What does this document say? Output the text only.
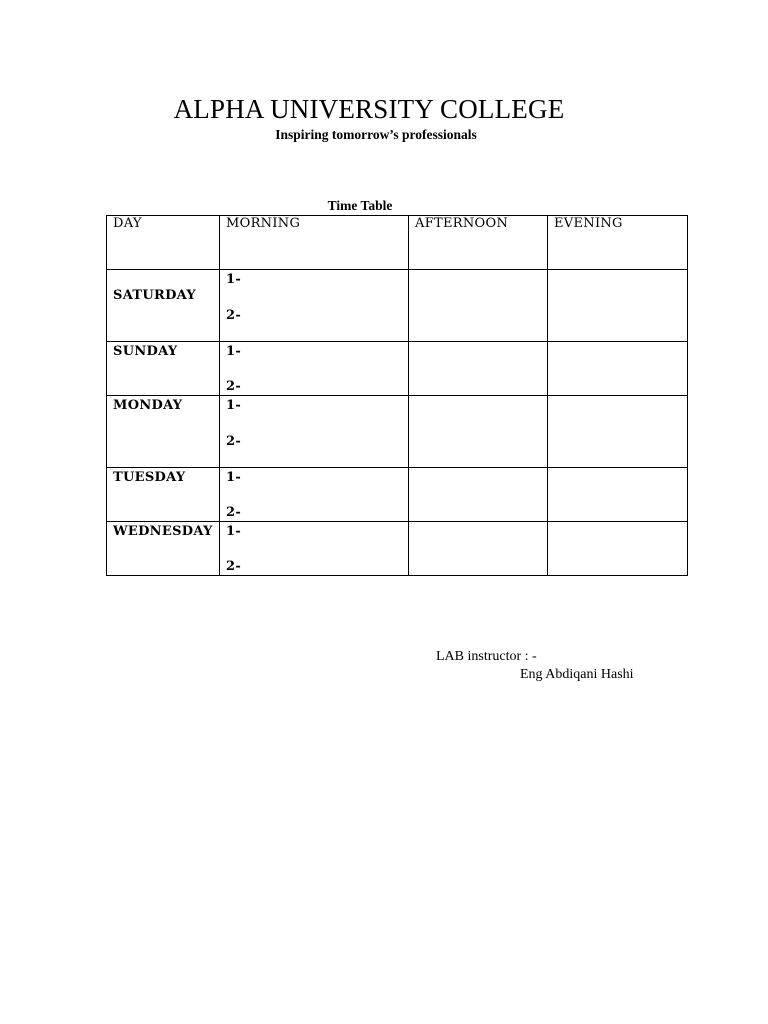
ALPHA UNIVERSITY COLLEGE
Inspiring tomorrow’s professionals
Time Table
DAY	MORNING	AFTERNOON	EVENING
SATURDAY	1-
2-		

SUNDAY	1-
2-		

MONDAY	1-
2-		

TUESDAY	1-
2-		

WEDNESDAY	1-
2-		

LAB instructor : -
Eng Abdiqani Hashi
